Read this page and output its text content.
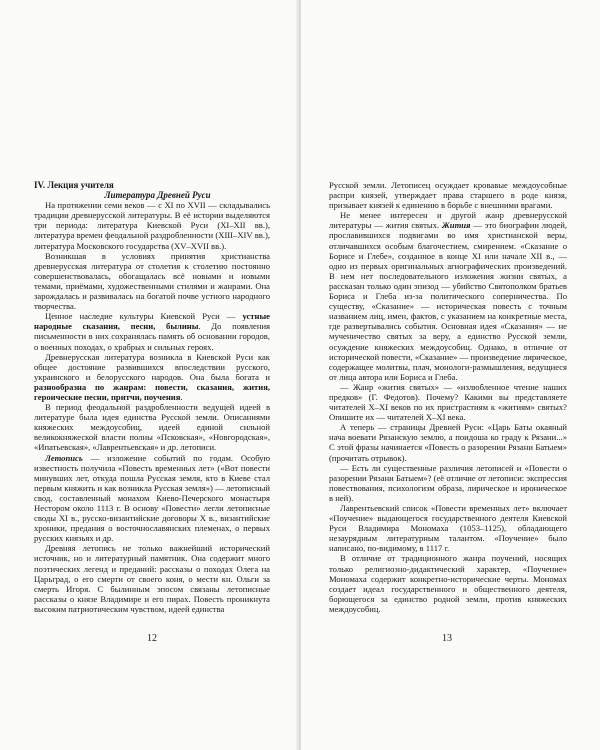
IV. Лекция учителя

Литература Древней Руси

На протяжении семи веков — с XI по XVII — складывались традиции древнерусской литературы. В её истории выделяются три периода: литература Киевской Руси (XI–XII вв.), литература времен феодальной раздробленности (XIII–XIV вв.), литература Московского государства (XV–XVII вв.).

Возникшая в условиях принятия христианства древнерусская литература от столетия к столетию постоянно совершенствовалась, обогащалась всё новыми и новыми темами, приёмами, художественными стилями и жанрами. Она зарождалась и развивалась на богатой почве устного народного творчества.

Ценное наследие культуры Киевской Руси — устные народные сказания, песни, былины. До появления письменности в них сохранялась память об основании городов, о военных походах, о храбрых и сильных героях.

Древнерусская литература возникла в Киевской Руси как общее достояние развившихся впоследствии русского, украинского и белорусского народов. Она была богата и разнообразна по жанрам: повести, сказания, жития, героические песни, притчи, поучения.

В период феодальной раздробленности ведущей идеей в литературе была идея единства Русской земли. Описаниями княжеских междоусобиц, идеей единой сильной великокняжеской власти полны «Псковская», «Новгородская», «Ипатьевская», «Лаврентьевская» и др. летописи.

Летопись — изложение событий по годам. Особую известность получила «Повесть временных лет» («Вот повести минувших лет, откуда пошла Русская земля, кто в Киеве стал первым княжить и как возникла Русская земля») — летописный свод, составленный монахом Киево-Печерского монастыря Нестором около 1113 г. В основу «Повести» легли летописные своды XI в., русско-византийские договоры X в., византийские хроники, предания о восточнославянских племенах, о первых русских князьях и др.

Древняя летопись не только важнейший исторический источник, но и литературный памятник. Она содержит много поэтических легенд и преданий: рассказы о походах Олега на Царьград, о его смерти от своего коня, о мести кн. Ольги за смерть Игоря. С былинным эпосом связаны летописные рассказы о князе Владимире и его пирах. Повесть проникнута высоким патриотическим чувством, идеей единства

12

Русской земли. Летописец осуждает кровавые междоусобные распри князей, утверждает права старшего в роде князя, призывает князей к единению в борьбе с внешними врагами.

Не менее интересен и другой жанр древнерусской литературы — жития святых. Жития — это биографии людей, прославившихся подвигами во имя христианской веры, отличавшихся особым благочестием, смирением. «Сказание о Борисе и Глебе», созданное в конце XI или начале XII в., — одно из первых оригинальных агиографических произведений. В нем нет последовательного изложения жизни святых, а рассказан только один эпизод — убийство Святополком братьев Бориса и Глеба из-за политического соперничества. По существу, «Сказание» — историческая повесть с точным названием лиц, имен, фактов, с указанием на конкретные места, где развертывались события. Основная идея «Сказания» — не мученичество святых за веру, а единство Русской земли, осуждение княжеских междоусобиц. Однако, в отличие от исторической повести, «Сказание» — произведение лирическое, содержащее молитвы, плач, монологи-размышления, ведущиеся от лица автора или Бориса и Глеба.

— Жанр «жития святых» — «излюбленное чтение наших предков» (Г. Федотов). Почему? Какими вы представляете читателей X–XI веков по их пристрастиям к «житиям» святых? Опишите их — читателей X–XI века.

А теперь — страницы Древней Руси: «Царь Баты окаяный нача воевати Рязанскую землю, а поидоша ко граду к Рязани...» С этой фразы начинается «Повесть о разорении Рязани Батыем» (прочитать отрывок).

— Есть ли существенные различия летописей и «Повести о разорении Рязани Батыем»? (её отличие от летописи: экспрессия повествования, психологизм образа, лирическое и ироническое в ней).

Лаврентьевский список «Повести временных лет» включает «Поучение» выдающегося государственного деятеля Киевской Руси Владимира Мономаха (1053–1125), обладающего незаурядным литературным талантом. «Поучение» было написано, по-видимому, в 1117 г.

В отличие от традиционного жанра поучений, носящих только религиозно-дидактический характер, «Поучение» Мономаха содержит конкретно-исторические черты. Мономах создает идеал государственного и общественного деятеля, борющегося за единство родной земли, против княжеских междоусобиц.

13
